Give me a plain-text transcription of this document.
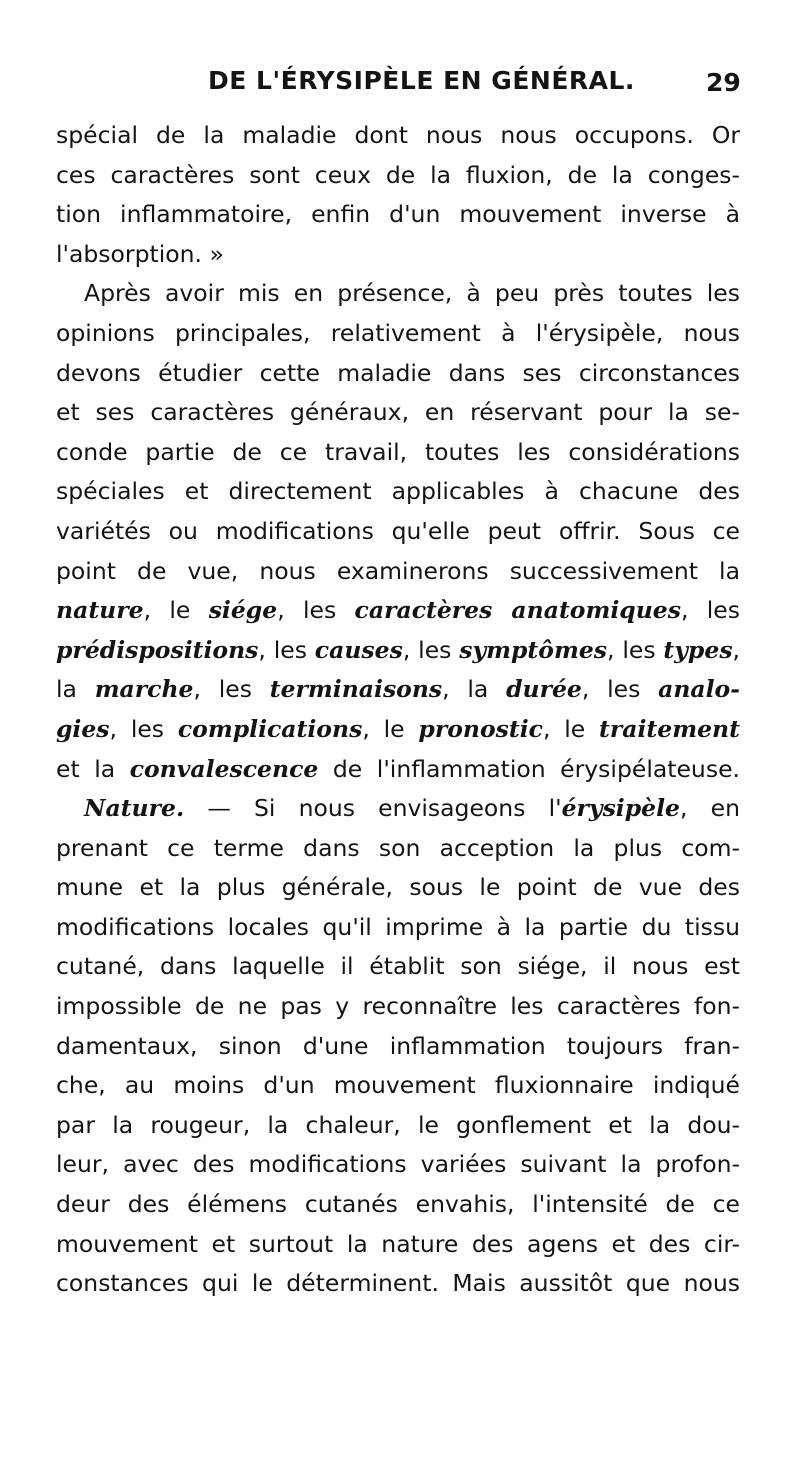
DE L'ÉRYSIPÈLE EN GÉNÉRAL.	29
spécial de la maladie dont nous nous occupons. Or
ces caractères sont ceux de la fluxion, de la conges-
tion inflammatoire, enfin d'un mouvement inverse à
l'absorption. »
Après avoir mis en présence, à peu près toutes les
opinions principales, relativement à l'érysipèle, nous
devons étudier cette maladie dans ses circonstances
et ses caractères généraux, en réservant pour la se-
conde partie de ce travail, toutes les considérations
spéciales et directement applicables à chacune des
variétés ou modifications qu'elle peut offrir. Sous ce
point de vue, nous examinerons successivement la
nature, le siége, les caractères anatomiques, les
prédispositions, les causes, les symptômes, les types,
la marche, les terminaisons, la durée, les analo-
gies, les complications, le pronostic, le traitement
et la convalescence de l'inflammation érysipélateuse.
Nature. — Si nous envisageons l'érysipèle, en
prenant ce terme dans son acception la plus com-
mune et la plus générale, sous le point de vue des
modifications locales qu'il imprime à la partie du tissu
cutané, dans laquelle il établit son siége, il nous est
impossible de ne pas y reconnaître les caractères fon-
damentaux, sinon d'une inflammation toujours fran-
che, au moins d'un mouvement fluxionnaire indiqué
par la rougeur, la chaleur, le gonflement et la dou-
leur, avec des modifications variées suivant la profon-
deur des élémens cutanés envahis, l'intensité de ce
mouvement et surtout la nature des agens et des cir-
constances qui le déterminent. Mais aussitôt que nous
